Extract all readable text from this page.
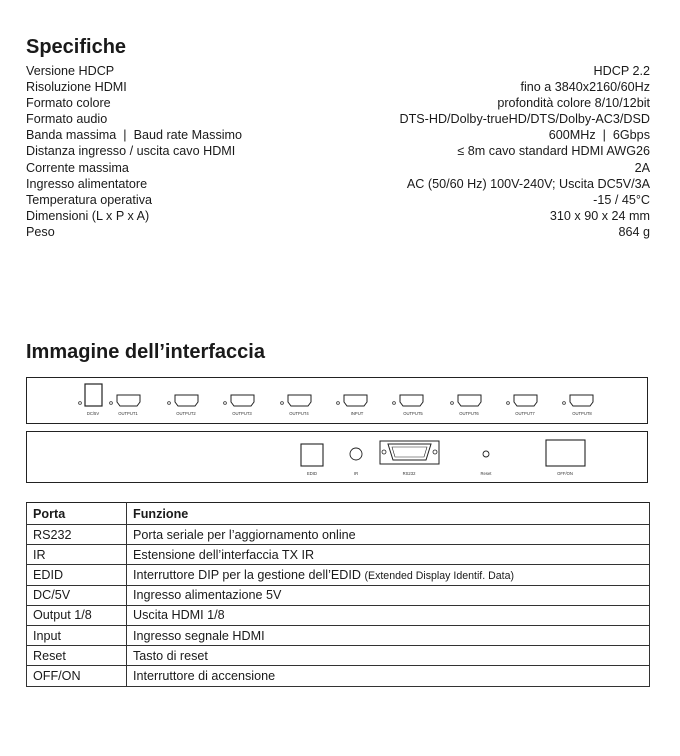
Specifiche
Versione HDCP	HDCP 2.2
Risoluzione HDMI	fino a 3840x2160/60Hz
Formato colore	profondità colore 8/10/12bit
Formato audio	DTS-HD/Dolby-trueHD/DTS/Dolby-AC3/DSD
Banda massima  |  Baud rate Massimo	600MHz  |  6Gbps
Distanza ingresso / uscita cavo HDMI	≤ 8m cavo standard HDMI AWG26
Corrente massima	2A
Ingresso alimentatore	AC (50/60 Hz) 100V-240V; Uscita DC5V/3A
Temperatura operativa	-15 / 45°C
Dimensioni (L x P x A)	310 x 90 x 24 mm
Peso	864 g
Immagine dell’interfaccia
DC/5V	OUTPUT1	OUTPUT2	OUTPUT3	OUTPUT4	INPUT	OUTPUT5	OUTPUT6	OUTPUT7	OUTPUT8
EDID	IR	RS232	Reset	OFF/ON
Porta	Funzione
RS232	Porta seriale per l’aggiornamento online
IR	Estensione dell’interfaccia TX IR
EDID	Interruttore DIP per la gestione dell’EDID (Extended Display Identif. Data)
DC/5V	Ingresso alimentazione 5V
Output 1/8	Uscita HDMI 1/8
Input	Ingresso segnale HDMI
Reset	Tasto di reset
OFF/ON	Interruttore di accensione
